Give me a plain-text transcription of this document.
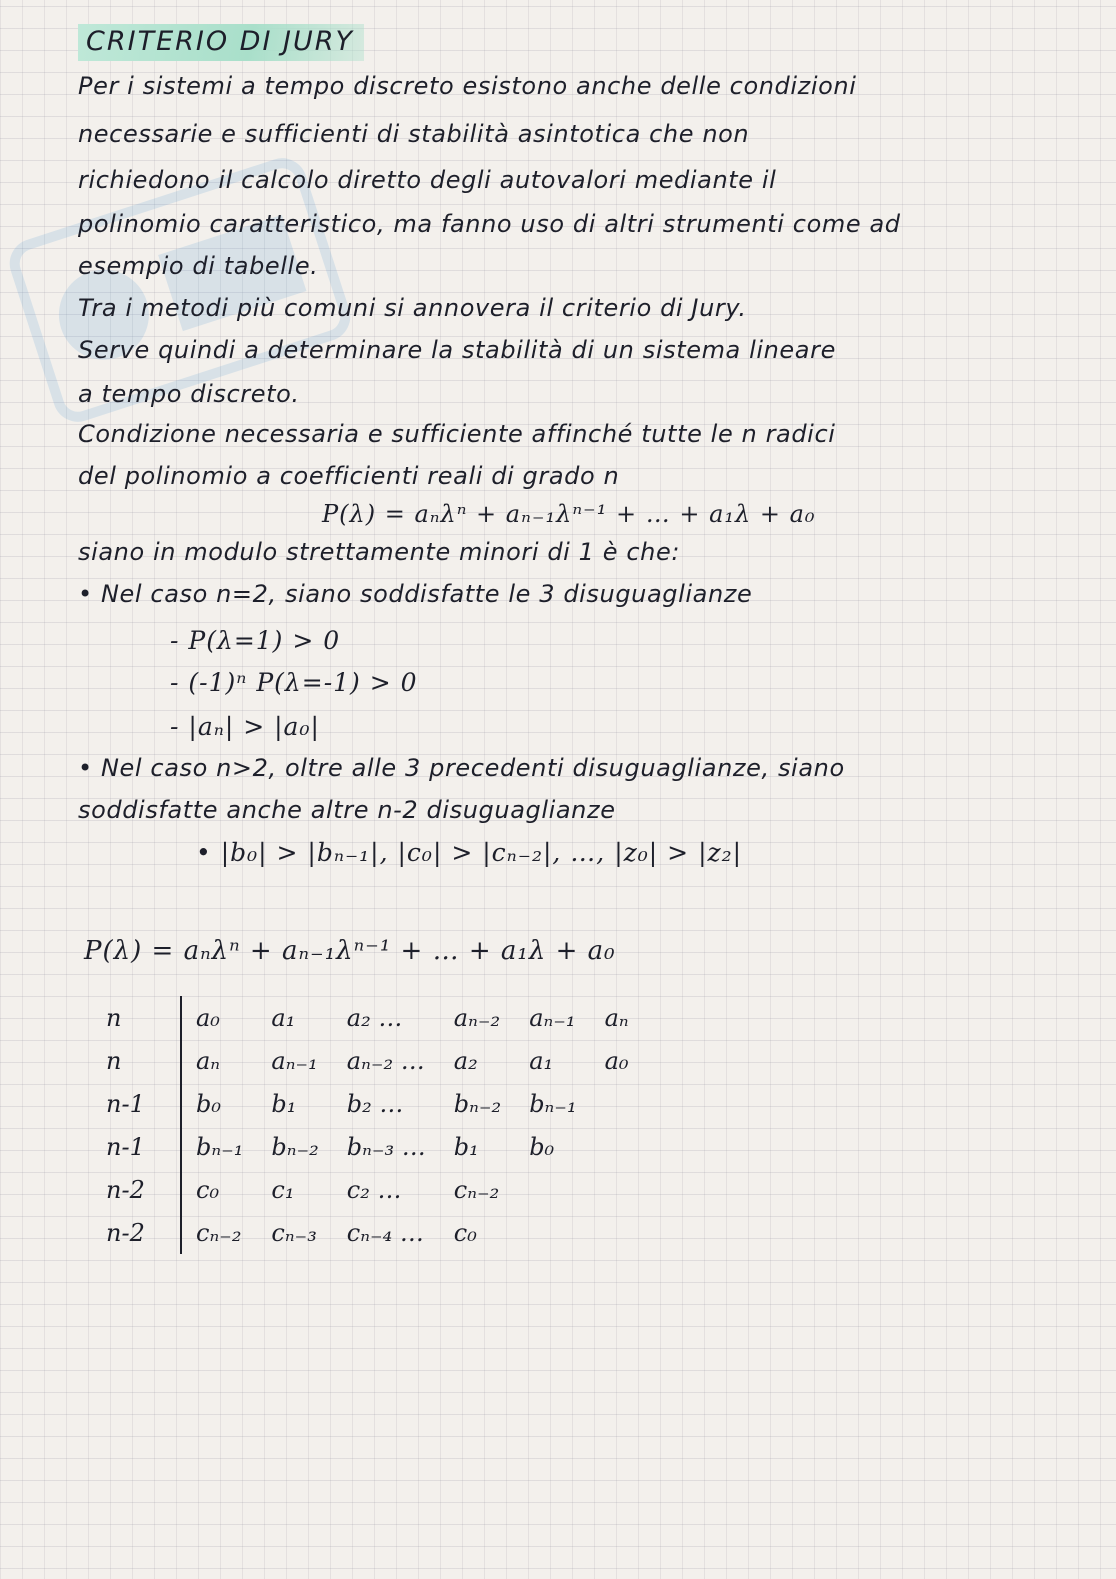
CRITERIO DI JURY
Per i sistemi a tempo discreto esistono anche delle condizioni
necessarie e sufficienti di stabilità asintotica che non
richiedono il calcolo diretto degli autovalori mediante il
polinomio caratteristico, ma fanno uso di altri strumenti come ad
esempio di tabelle.
Tra i metodi più comuni si annovera il criterio di Jury.
Serve quindi a determinare la stabilità di un sistema lineare
a tempo discreto.
Condizione necessaria e sufficiente affinché tutte le n radici
del polinomio a coefficienti reali di grado n
P(λ) = aₙλⁿ + aₙ₋₁λⁿ⁻¹ + … + a₁λ + a₀
siano in modulo strettamente minori di 1 è che:
• Nel caso n=2, siano soddisfatte le 3 disuguaglianze
- P(λ=1) > 0
- (-1)ⁿ P(λ=-1) > 0
- |aₙ| > |a₀|
• Nel caso n>2, oltre alle 3 precedenti disuguaglianze, siano
soddisfatte anche altre n-2 disuguaglianze
• |b₀| > |bₙ₋₁|, |c₀| > |cₙ₋₂|, …, |z₀| > |z₂|
P(λ) = aₙλⁿ + aₙ₋₁λⁿ⁻¹ + … + a₁λ + a₀
n	a₀	a₁	a₂ …	aₙ₋₂	aₙ₋₁	aₙ
n	aₙ	aₙ₋₁	aₙ₋₂ …	a₂	a₁	a₀
n-1	b₀	b₁	b₂ …	bₙ₋₂	bₙ₋₁	
n-1	bₙ₋₁	bₙ₋₂	bₙ₋₃ …	b₁	b₀	
n-2	c₀	c₁	c₂ …	cₙ₋₂		
n-2	cₙ₋₂	cₙ₋₃	cₙ₋₄ …	c₀		
